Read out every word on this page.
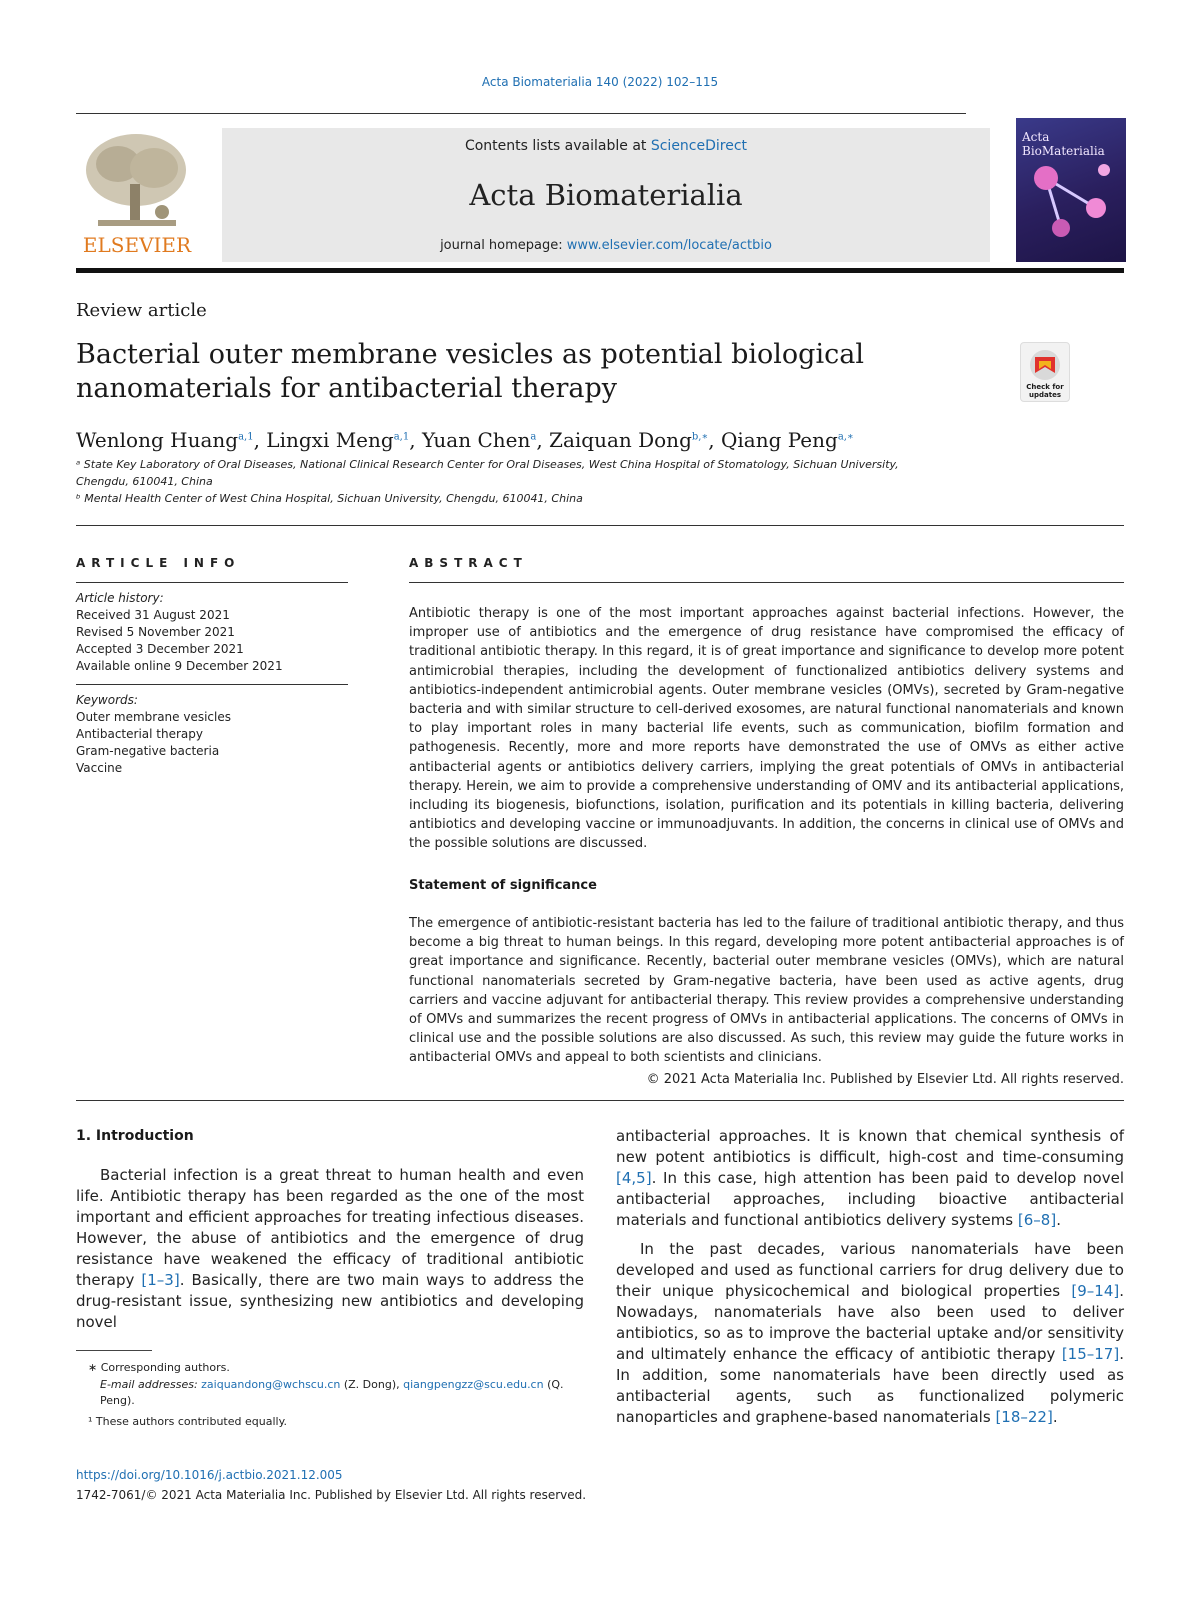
Acta Biomaterialia 140 (2022) 102–115
ELSEVIER
Contents lists available at ScienceDirect
Acta Biomaterialia
journal homepage: www.elsevier.com/locate/actbio
Acta BioMaterialia
Review article
Bacterial outer membrane vesicles as potential biological nanomaterials for antibacterial therapy	Check for updates
Wenlong Huang$^{a,1}$, Lingxi Meng$^{a,1}$, Yuan Chen$^a$, Zaiquan Dong$^{b,∗}$, Qiang Peng$^{a,∗}$
ᵃ State Key Laboratory of Oral Diseases, National Clinical Research Center for Oral Diseases, West China Hospital of Stomatology, Sichuan University, Chengdu, 610041, China
ᵇ Mental Health Center of West China Hospital, Sichuan University, Chengdu, 610041, China
ARTICLE INFO
Article history:
Received 31 August 2021
Revised 5 November 2021
Accepted 3 December 2021
Available online 9 December 2021
Keywords:
Outer membrane vesicles
Antibacterial therapy
Gram-negative bacteria
Vaccine
ABSTRACT
Antibiotic therapy is one of the most important approaches against bacterial infections. However, the improper use of antibiotics and the emergence of drug resistance have compromised the efficacy of traditional antibiotic therapy. In this regard, it is of great importance and significance to develop more potent antimicrobial therapies, including the development of functionalized antibiotics delivery systems and antibiotics-independent antimicrobial agents. Outer membrane vesicles (OMVs), secreted by Gram-negative bacteria and with similar structure to cell-derived exosomes, are natural functional nanomaterials and known to play important roles in many bacterial life events, such as communication, biofilm formation and pathogenesis. Recently, more and more reports have demonstrated the use of OMVs as either active antibacterial agents or antibiotics delivery carriers, implying the great potentials of OMVs in antibacterial therapy. Herein, we aim to provide a comprehensive understanding of OMV and its antibacterial applications, including its biogenesis, biofunctions, isolation, purification and its potentials in killing bacteria, delivering antibiotics and developing vaccine or immunoadjuvants. In addition, the concerns in clinical use of OMVs and the possible solutions are discussed.
Statement of significance
The emergence of antibiotic-resistant bacteria has led to the failure of traditional antibiotic therapy, and thus become a big threat to human beings. In this regard, developing more potent antibacterial approaches is of great importance and significance. Recently, bacterial outer membrane vesicles (OMVs), which are natural functional nanomaterials secreted by Gram-negative bacteria, have been used as active agents, drug carriers and vaccine adjuvant for antibacterial therapy. This review provides a comprehensive understanding of OMVs and summarizes the recent progress of OMVs in antibacterial applications. The concerns of OMVs in clinical use and the possible solutions are also discussed. As such, this review may guide the future works in antibacterial OMVs and appeal to both scientists and clinicians.
© 2021 Acta Materialia Inc. Published by Elsevier Ltd. All rights reserved.
1. Introduction

Bacterial infection is a great threat to human health and even life. Antibiotic therapy has been regarded as the one of the most important and efficient approaches for treating infectious diseases. However, the abuse of antibiotics and the emergence of drug resistance have weakened the efficacy of traditional antibiotic therapy [1–3]. Basically, there are two main ways to address the drug-resistant issue, synthesizing new antibiotics and developing novel

antibacterial approaches. It is known that chemical synthesis of new potent antibiotics is difficult, high-cost and time-consuming [4,5]. In this case, high attention has been paid to develop novel antibacterial approaches, including bioactive antibacterial materials and functional antibiotics delivery systems [6–8].

In the past decades, various nanomaterials have been developed and used as functional carriers for drug delivery due to their unique physicochemical and biological properties [9–14]. Nowadays, nanomaterials have also been used to deliver antibiotics, so as to improve the bacterial uptake and/or sensitivity and ultimately enhance the efficacy of antibiotic therapy [15–17]. In addition, some nanomaterials have been directly used as antibacterial agents, such as functionalized polymeric nanoparticles and graphene-based nanomaterials [18–22].

∗ Corresponding authors.
E-mail addresses: zaiquandong@wchscu.cn (Z. Dong), qiangpengzz@scu.edu.cn (Q. Peng).
¹ These authors contributed equally.
https://doi.org/10.1016/j.actbio.2021.12.005
1742-7061/© 2021 Acta Materialia Inc. Published by Elsevier Ltd. All rights reserved.
